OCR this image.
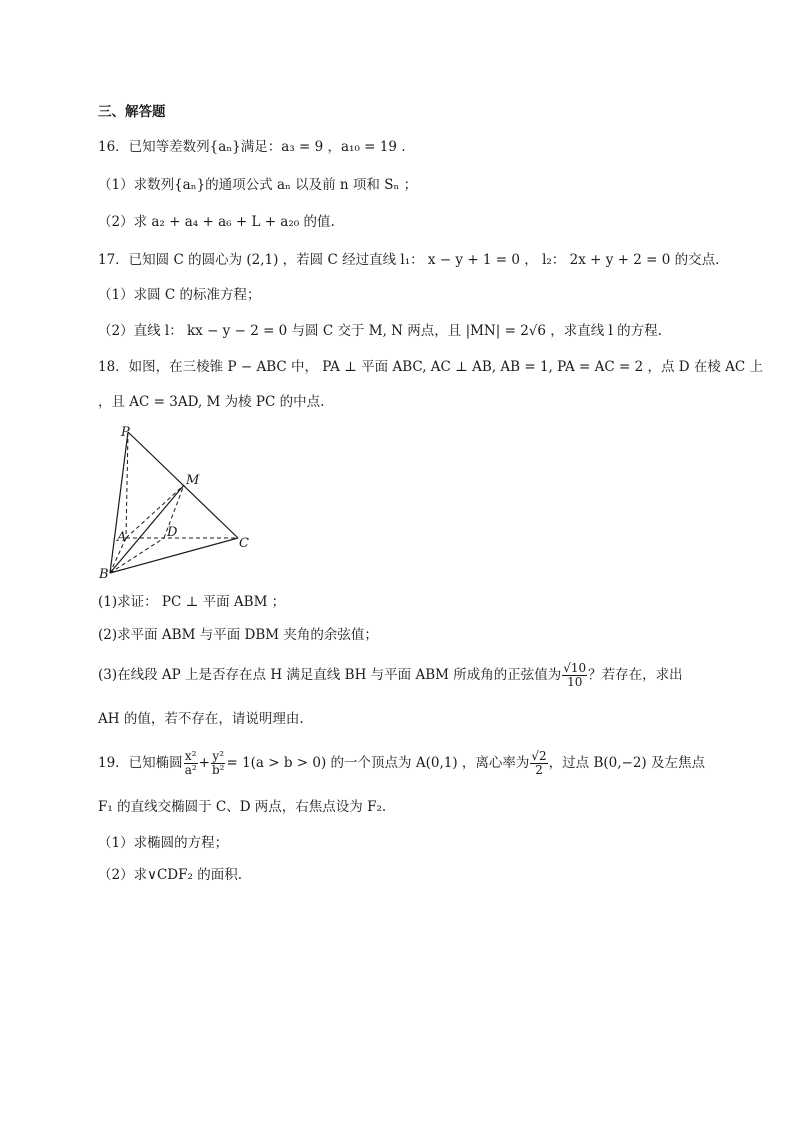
三、解答题
16．已知等差数列{aₙ}满足：a₃ = 9 ，a₁₀ = 19 .
（1）求数列{aₙ}的通项公式 aₙ 以及前 n 项和 Sₙ ；
（2）求 a₂ + a₄ + a₆ + L + a₂₀ 的值.
17．已知圆 C 的圆心为 (2,1) ，若圆 C 经过直线 l₁： x − y + 1 = 0 ， l₂： 2x + y + 2 = 0 的交点.
（1）求圆 C 的标准方程；
（2）直线 l： kx − y − 2 = 0 与圆 C 交于 M, N 两点，且 |MN| = 2√6 ，求直线 l 的方程.
18．如图，在三棱锥 P − ABC 中， PA ⊥ 平面 ABC, AC ⊥ AB, AB = 1, PA = AC = 2 ，点 D 在棱 AC 上
，且 AC = 3AD, M 为棱 PC 的中点.
P
M
A	D
C
B
(1)求证： PC ⊥ 平面 ABM ；
(2)求平面 ABM 与平面 DBM 夹角的余弦值；
(3)在线段 AP 上是否存在点 H 满足直线 BH 与平面 ABM 所成角的正弦值为 $\frac{√10}{10}$ ？若存在，求出
AH 的值，若不存在，请说明理由.
19．已知椭圆 $\frac{\text{x²}}{\text{a²}} + \frac{\text{y²}}{\text{b²}} = 1(a > b > 0)$ 的一个顶点为 A(0,1) ，离心率为 $\frac{√2}{2}$ ，过点 B(0,−2) 及左焦点
F₁ 的直线交椭圆于 C、D 两点，右焦点设为 F₂.
（1）求椭圆的方程；
（2）求∨CDF₂ 的面积.
